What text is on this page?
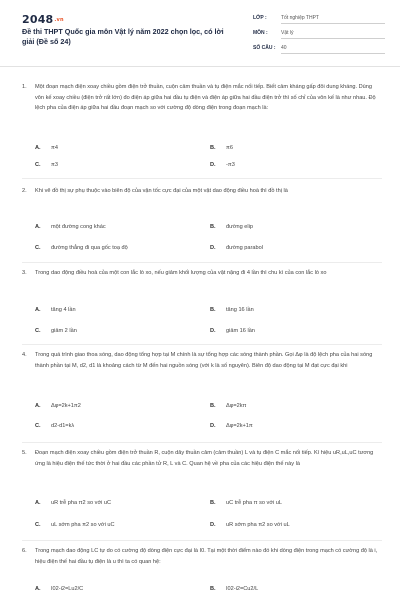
2048.vn
Đề thi THPT Quốc gia môn Vật lý năm 2022 chọn lọc, có lời giải (Đề số 24)
LỚP :	Tốt nghiệp THPT
MÔN :	Vật lý
SỐ CÂU :	40
1.	Một đoạn mạch điện xoay chiều gồm điện trở thuần, cuộn cảm thuần và tụ điện mắc nối tiếp. Biết cảm kháng gấp đôi dung kháng. Dùng vôn kế xoay chiều (điện trở rất lớn) đo điện áp giữa hai đầu tụ điện và điện áp giữa hai đầu điện trở thì số chỉ của vôn kế là như nhau. Độ lệch pha của điện áp giữa hai đầu đoạn mạch so với cường độ dòng điện trong đoạn mạch là:
A. π4	B. π6
C. π3	D. -π3
2.	Khi vẽ đồ thị sự phụ thuộc vào biên độ của vận tốc cực đại của một vật dao động điều hoà thì đồ thị là
A. một đường cong khác	B. đường elip
C. đường thẳng đi qua gốc toạ độ	D. đường parabol
3.	Trong dao động điều hoà của một con lắc lò xo, nếu giảm khối lượng của vật nặng đi 4 lần thì chu kì của con lắc lò xo
A. tăng 4 lần	B. tăng 16 lần
C. giảm 2 lần	D. giảm 16 lần
4.	Trong quá trình giao thoa sóng, dao động tổng hợp tại M chính là sự tổng hợp các sóng thành phần. Gọi Δφ là độ lệch pha của hai sóng thành phần tại M, d2, d1 là khoảng cách từ M đến hai nguồn sóng (với k là số nguyên). Biên độ dao động tại M đạt cực đại khi
A. Δφ=2k+1π2	B. Δφ=2kπ
C. d2-d1=kλ	D. Δφ=2k+1π
5.	Đoạn mạch điện xoay chiều gồm điện trở thuần R, cuộn dây thuần cảm (cảm thuần) L và tụ điện C mắc nối tiếp. Kí hiệu uR,uL,uC tương ứng là hiệu điện thế tức thời ở hai đầu các phần tử R, L và C. Quan hệ về pha của các hiệu điện thế này là
A. uR trễ pha π2 so với uC	B. uC trễ pha π so với uL
C. uL sớm pha π2 so với uC	D. uR sớm pha π2 so với uL
6.	Trong mạch dao động LC tự do có cường độ dòng điện cực đại là I0. Tại một thời điểm nào đó khi dòng điện trong mạch có cường độ là i, hiệu điện thế hai đầu tụ điện là u thì ta có quan hệ:
A. I02-i2=Lu2/C	B. I02-i2=Cu2/L
